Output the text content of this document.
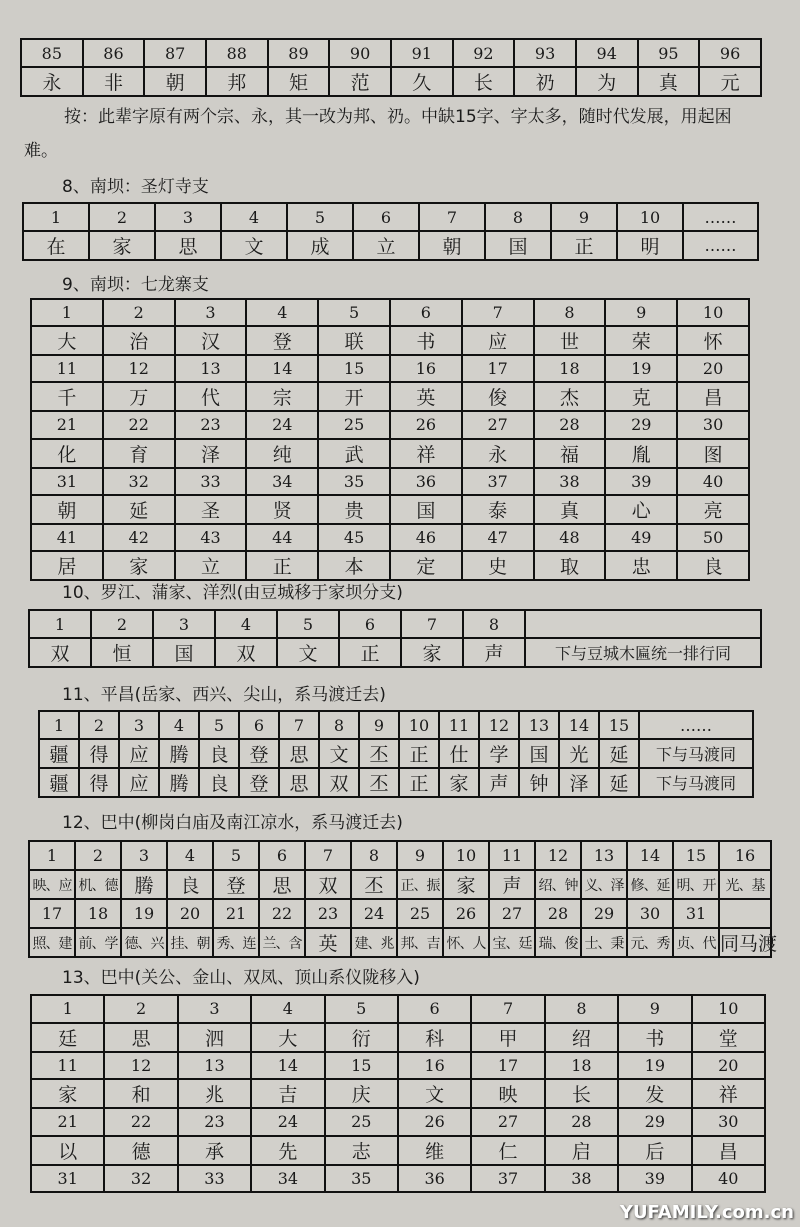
85	86	87	88	89	90	91	92	93	94	95	96
永	非	朝	邦	矩	范	久	长	礽	为	真	元
按：此辈字原有两个宗、永，其一改为邦、礽。中缺15字、字太多，随时代发展，用起困难。
8、南坝：圣灯寺支
1	2	3	4	5	6	7	8	9	10	……
在	家	思	文	成	立	朝	国	正	明	……
9、南坝：七龙寨支
1	2	3	4	5	6	7	8	9	10
大	治	汉	登	联	书	应	世	荣	怀
11	12	13	14	15	16	17	18	19	20
千	万	代	宗	开	英	俊	杰	克	昌
21	22	23	24	25	26	27	28	29	30
化	育	泽	纯	武	祥	永	福	胤	图
31	32	33	34	35	36	37	38	39	40
朝	延	圣	贤	贵	国	泰	真	心	亮
41	42	43	44	45	46	47	48	49	50
居	家	立	正	本	定	史	取	忠	良
10、罗江、蒲家、洋烈(由豆城移于家坝分支)
1	2	3	4	5	6	7	8	
双	恒	国	双	文	正	家	声	下与豆城木匾统一排行同
11、平昌(岳家、西兴、尖山，系马渡迁去)
1	2	3	4	5	6	7	8	9	10	11	12	13	14	15	……
疆	得	应	腾	良	登	思	文	丕	正	仕	学	国	光	延	下与马渡同
疆	得	应	腾	良	登	思	双	丕	正	家	声	钟	泽	延	下与马渡同
12、巴中(柳岗白庙及南江凉水，系马渡迁去)
1	2	3	4	5	6	7	8	9	10	11	12	13	14	15	16
映、应	机、德	腾	良	登	思	双	丕	正、振	家	声	绍、钟	义、泽	修、延	明、开	光、基
17	18	19	20	21	22	23	24	25	26	27	28	29	30	31	
照、建	前、学	德、兴	挂、朝	秀、连	兰、含	英	建、兆	邦、吉	怀、人	宝、廷	瑞、俊	士、秉	元、秀	贞、代	同马渡
13、巴中(关公、金山、双凤、顶山系仪陇移入)
1	2	3	4	5	6	7	8	9	10
廷	思	泗	大	衍	科	甲	绍	书	堂
11	12	13	14	15	16	17	18	19	20
家	和	兆	吉	庆	文	映	长	发	祥
21	22	23	24	25	26	27	28	29	30
以	德	承	先	志	维	仁	启	后	昌
31	32	33	34	35	36	37	38	39	40
YUFAMILY.com.cn
